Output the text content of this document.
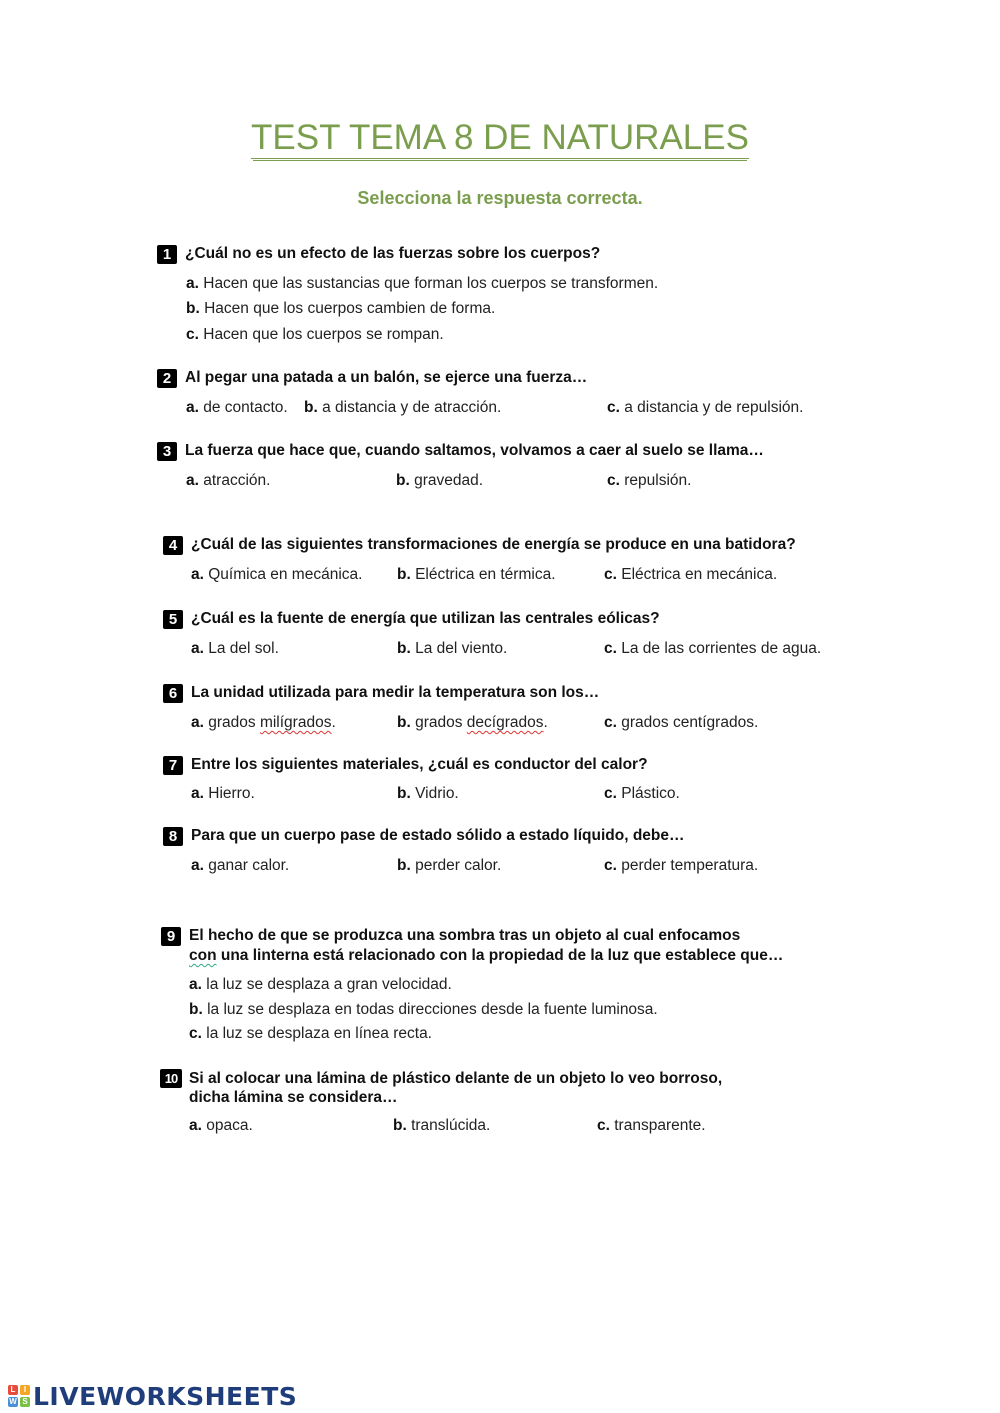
TEST TEMA 8 DE NATURALES
Selecciona la respuesta correcta.
1 ¿Cuál no es un efecto de las fuerzas sobre los cuerpos?
a. Hacen que las sustancias que forman los cuerpos se transformen.
b. Hacen que los cuerpos cambien de forma.
c. Hacen que los cuerpos se rompan.
2 Al pegar una patada a un balón, se ejerce una fuerza…
a. de contacto. b. a distancia y de atracción.	c. a distancia y de repulsión.
3 La fuerza que hace que, cuando saltamos, volvamos a caer al suelo se llama…
a. atracción.	b. gravedad.	c. repulsión.
4 ¿Cuál de las siguientes transformaciones de energía se produce en una batidora?
a. Química en mecánica. b. Eléctrica en térmica.	c. Eléctrica en mecánica.
5 ¿Cuál es la fuente de energía que utilizan las centrales eólicas?
a. La del sol.	b. La del viento.	c. La de las corrientes de agua.
6 La unidad utilizada para medir la temperatura son los…
a. grados milígrados.	b. grados decígrados.	c. grados centígrados.
7 Entre los siguientes materiales, ¿cuál es conductor del calor?
a. Hierro.	b. Vidrio.	c. Plástico.
8 Para que un cuerpo pase de estado sólido a estado líquido, debe…
a. ganar calor.	b. perder calor.	c. perder temperatura.
9 El hecho de que se produzca una sombra tras un objeto al cual enfocamos
con una linterna está relacionado con la propiedad de la luz que establece que…
a. la luz se desplaza a gran velocidad.
b. la luz se desplaza en todas direcciones desde la fuente luminosa.
c. la luz se desplaza en línea recta.
10 Si al colocar una lámina de plástico delante de un objeto lo veo borroso,
dicha lámina se considera…
a. opaca.	b. translúcida.	c. transparente.
L	I
W S LIVEWORKSHEETS
